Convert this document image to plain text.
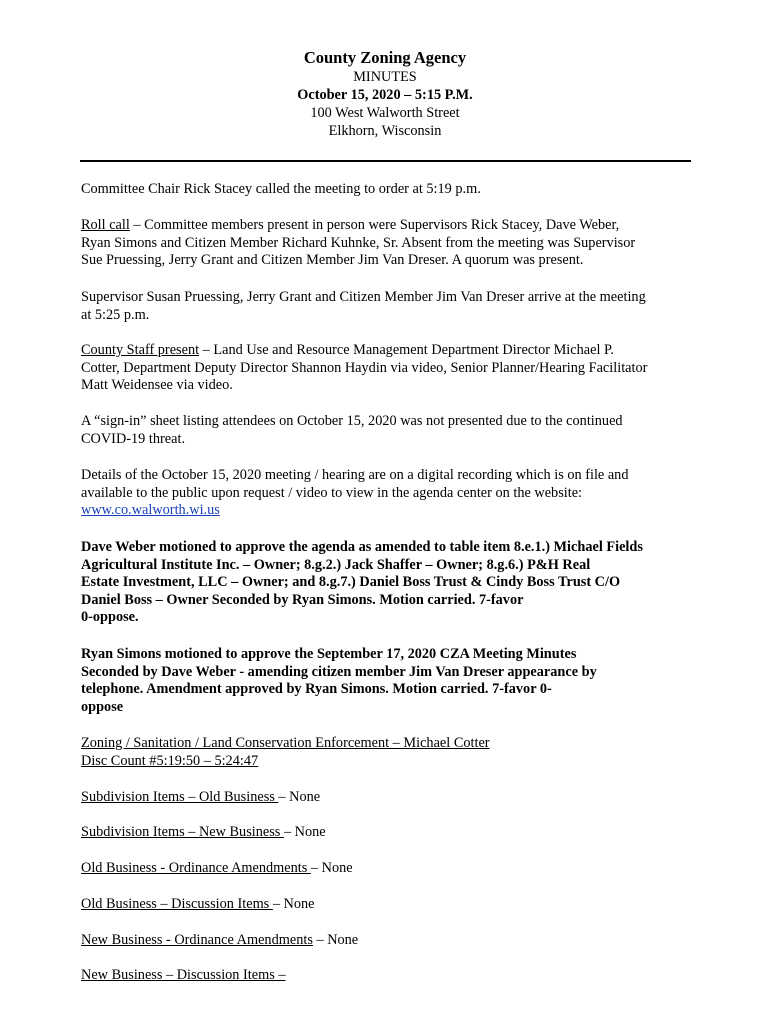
County Zoning Agency
MINUTES
October 15, 2020 – 5:15 P.M.
100 West Walworth Street
Elkhorn, Wisconsin
Committee Chair Rick Stacey called the meeting to order at 5:19 p.m.
Roll call – Committee members present in person were Supervisors Rick Stacey, Dave Weber,
Ryan Simons and Citizen Member Richard Kuhnke, Sr. Absent from the meeting was Supervisor
Sue Pruessing, Jerry Grant and Citizen Member Jim Van Dreser. A quorum was present.
Supervisor Susan Pruessing, Jerry Grant and Citizen Member Jim Van Dreser arrive at the meeting
at 5:25 p.m.
County Staff present – Land Use and Resource Management Department Director Michael P.
Cotter, Department Deputy Director Shannon Haydin via video, Senior Planner/Hearing Facilitator
Matt Weidensee via video.
A “sign-in” sheet listing attendees on October 15, 2020 was not presented due to the continued
COVID-19 threat.
Details of the October 15, 2020 meeting / hearing are on a digital recording which is on file and
available to the public upon request / video to view in the agenda center on the website:
www.co.walworth.wi.us
Dave Weber motioned to approve the agenda as amended to table item 8.e.1.) Michael Fields
Agricultural Institute Inc. – Owner; 8.g.2.) Jack Shaffer – Owner; 8.g.6.) P&H Real
Estate Investment, LLC – Owner; and 8.g.7.) Daniel Boss Trust & Cindy Boss Trust C/O
Daniel Boss – Owner Seconded by Ryan Simons. Motion carried. 7-favor
0-oppose.
Ryan Simons motioned to approve the September 17, 2020 CZA Meeting Minutes
Seconded by Dave Weber - amending citizen member Jim Van Dreser appearance by
telephone. Amendment approved by Ryan Simons. Motion carried. 7-favor 0-
oppose
Zoning / Sanitation / Land Conservation Enforcement – Michael Cotter
Disc Count #5:19:50 – 5:24:47
Subdivision Items – Old Business – None
Subdivision Items – New Business – None
Old Business - Ordinance Amendments – None
Old Business – Discussion Items – None
New Business - Ordinance Amendments – None
New Business – Discussion Items –
